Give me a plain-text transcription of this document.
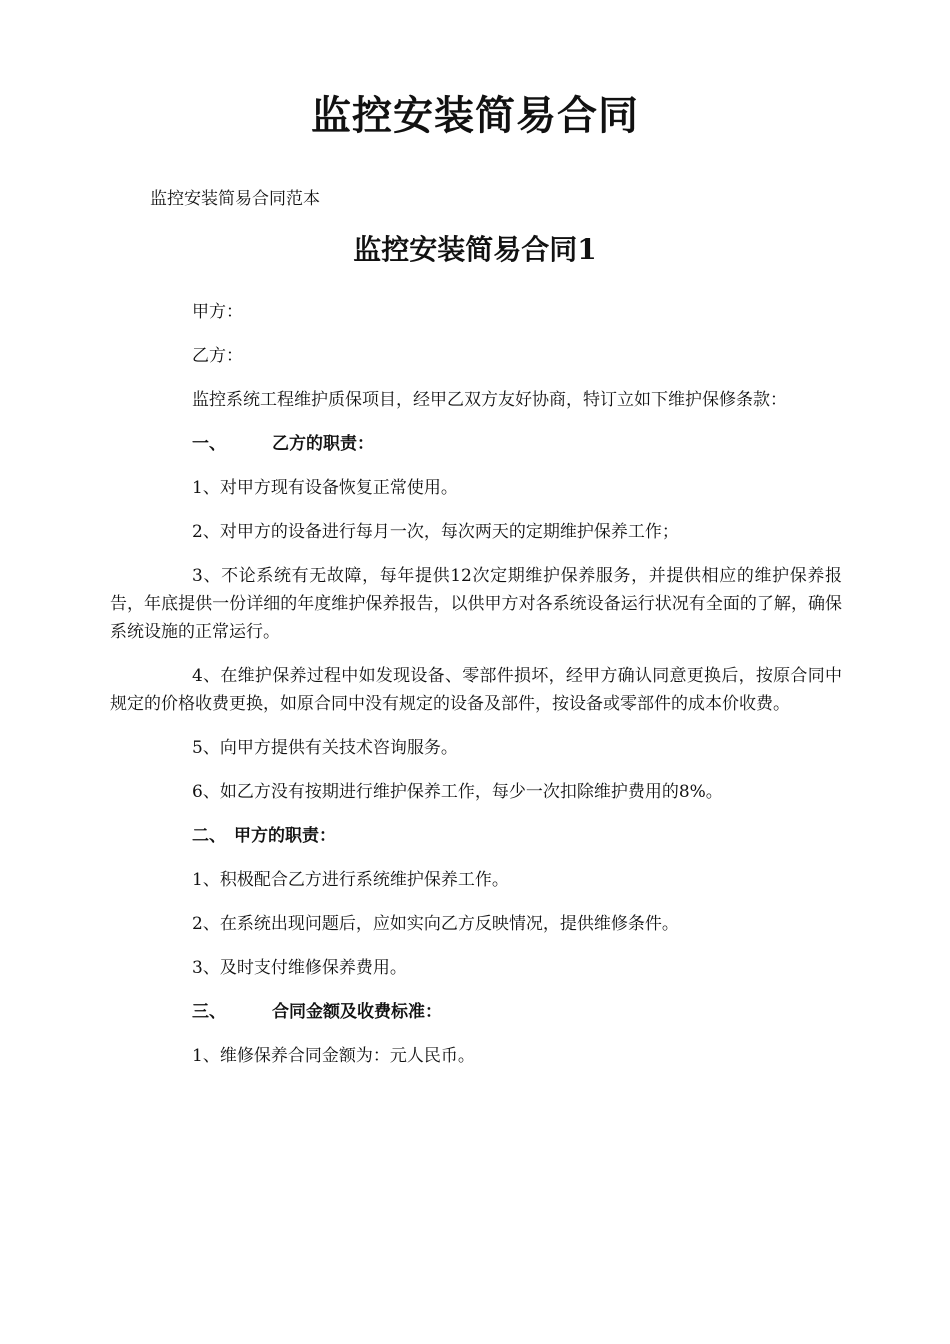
监控安装简易合同
监控安装简易合同范本
监控安装简易合同1

甲方：

乙方：

监控系统工程维护质保项目，经甲乙双方友好协商，特订立如下维护保修条款：

一、	乙方的职责：

1、对甲方现有设备恢复正常使用。

2、对甲方的设备进行每月一次，每次两天的定期维护保养工作；

3、不论系统有无故障，每年提供12次定期维护保养服务，并提供相应的维护保养报告，年底提供一份详细的年度维护保养报告，以供甲方对各系统设备运行状况有全面的了解，确保系统设施的正常运行。

4、在维护保养过程中如发现设备、零部件损坏，经甲方确认同意更换后，按原合同中规定的价格收费更换，如原合同中没有规定的设备及部件，按设备或零部件的成本价收费。

5、向甲方提供有关技术咨询服务。

6、如乙方没有按期进行维护保养工作，每少一次扣除维护费用的8%。

二、 甲方的职责：

1、积极配合乙方进行系统维护保养工作。

2、在系统出现问题后，应如实向乙方反映情况，提供维修条件。

3、及时支付维修保养费用。

三、	合同金额及收费标准：

1、维修保养合同金额为：元人民币。
